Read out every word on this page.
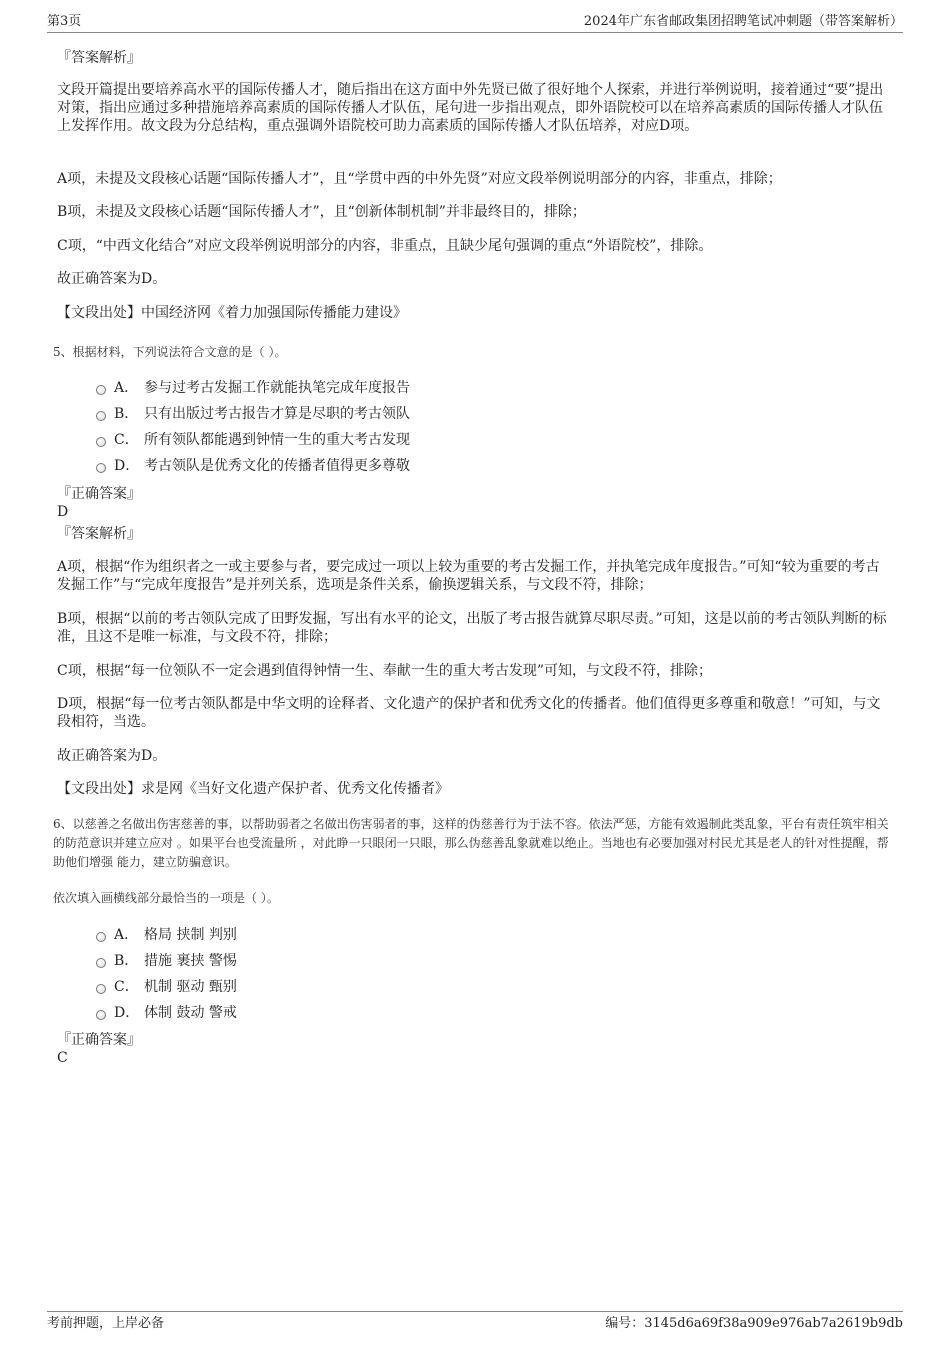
第3页	2024年广东省邮政集团招聘笔试冲刺题（带答案解析）
『答案解析』
文段开篇提出要培养高水平的国际传播人才，随后指出在这方面中外先贤已做了很好地个人探索，并进行举例说明，接着通过“要”提出对策，指出应通过多种措施培养高素质的国际传播人才队伍，尾句进一步指出观点，即外语院校可以在培养高素质的国际传播人才队伍上发挥作用。故文段为分总结构，重点强调外语院校可助力高素质的国际传播人才队伍培养，对应D项。
A项，未提及文段核心话题“国际传播人才”，且“学贯中西的中外先贤”对应文段举例说明部分的内容，非重点，排除；
B项，未提及文段核心话题“国际传播人才”，且“创新体制机制”并非最终目的，排除；
C项，“中西文化结合”对应文段举例说明部分的内容，非重点，且缺少尾句强调的重点“外语院校”，排除。
故正确答案为D。
【文段出处】中国经济网《着力加强国际传播能力建设》
5、根据材料，下列说法符合文意的是（ ）。
A． 参与过考古发掘工作就能执笔完成年度报告
B． 只有出版过考古报告才算是尽职的考古领队
C． 所有领队都能遇到钟情一生的重大考古发现
D． 考古领队是优秀文化的传播者值得更多尊敬
『正确答案』
D
『答案解析』
A项，根据“作为组织者之一或主要参与者，要完成过一项以上较为重要的考古发掘工作，并执笔完成年度报告。”可知“较为重要的考古发掘工作”与“完成年度报告”是并列关系，选项是条件关系，偷换逻辑关系，与文段不符，排除；
B项，根据“以前的考古领队完成了田野发掘，写出有水平的论文，出版了考古报告就算尽职尽责。”可知，这是以前的考古领队判断的标准，且这不是唯一标准，与文段不符，排除；
C项，根据“每一位领队不一定会遇到值得钟情一生、奉献一生的重大考古发现”可知，与文段不符，排除；
D项，根据“每一位考古领队都是中华文明的诠释者、文化遗产的保护者和优秀文化的传播者。他们值得更多尊重和敬意！”可知，与文段相符，当选。
故正确答案为D。
【文段出处】求是网《当好文化遗产保护者、优秀文化传播者》
6、以慈善之名做出伤害慈善的事，以帮助弱者之名做出伤害弱者的事，这样的伪慈善行为于法不容。依法严惩，方能有效遏制此类乱象，平台有责任筑牢相关的防范意识并建立应对 。如果平台也受流量所 ，对此睁一只眼闭一只眼，那么伪慈善乱象就难以绝止。当地也有必要加强对村民尤其是老人的针对性提醒，帮助他们增强 能力，建立防骗意识。
依次填入画横线部分最恰当的一项是（ ）。
A． 格局 挟制 判别
B． 措施 裹挟 警惕
C． 机制 驱动 甄别
D． 体制 鼓动 警戒
『正确答案』
C
考前押题，上岸必备	编号：3145d6a69f38a909e976ab7a2619b9db
